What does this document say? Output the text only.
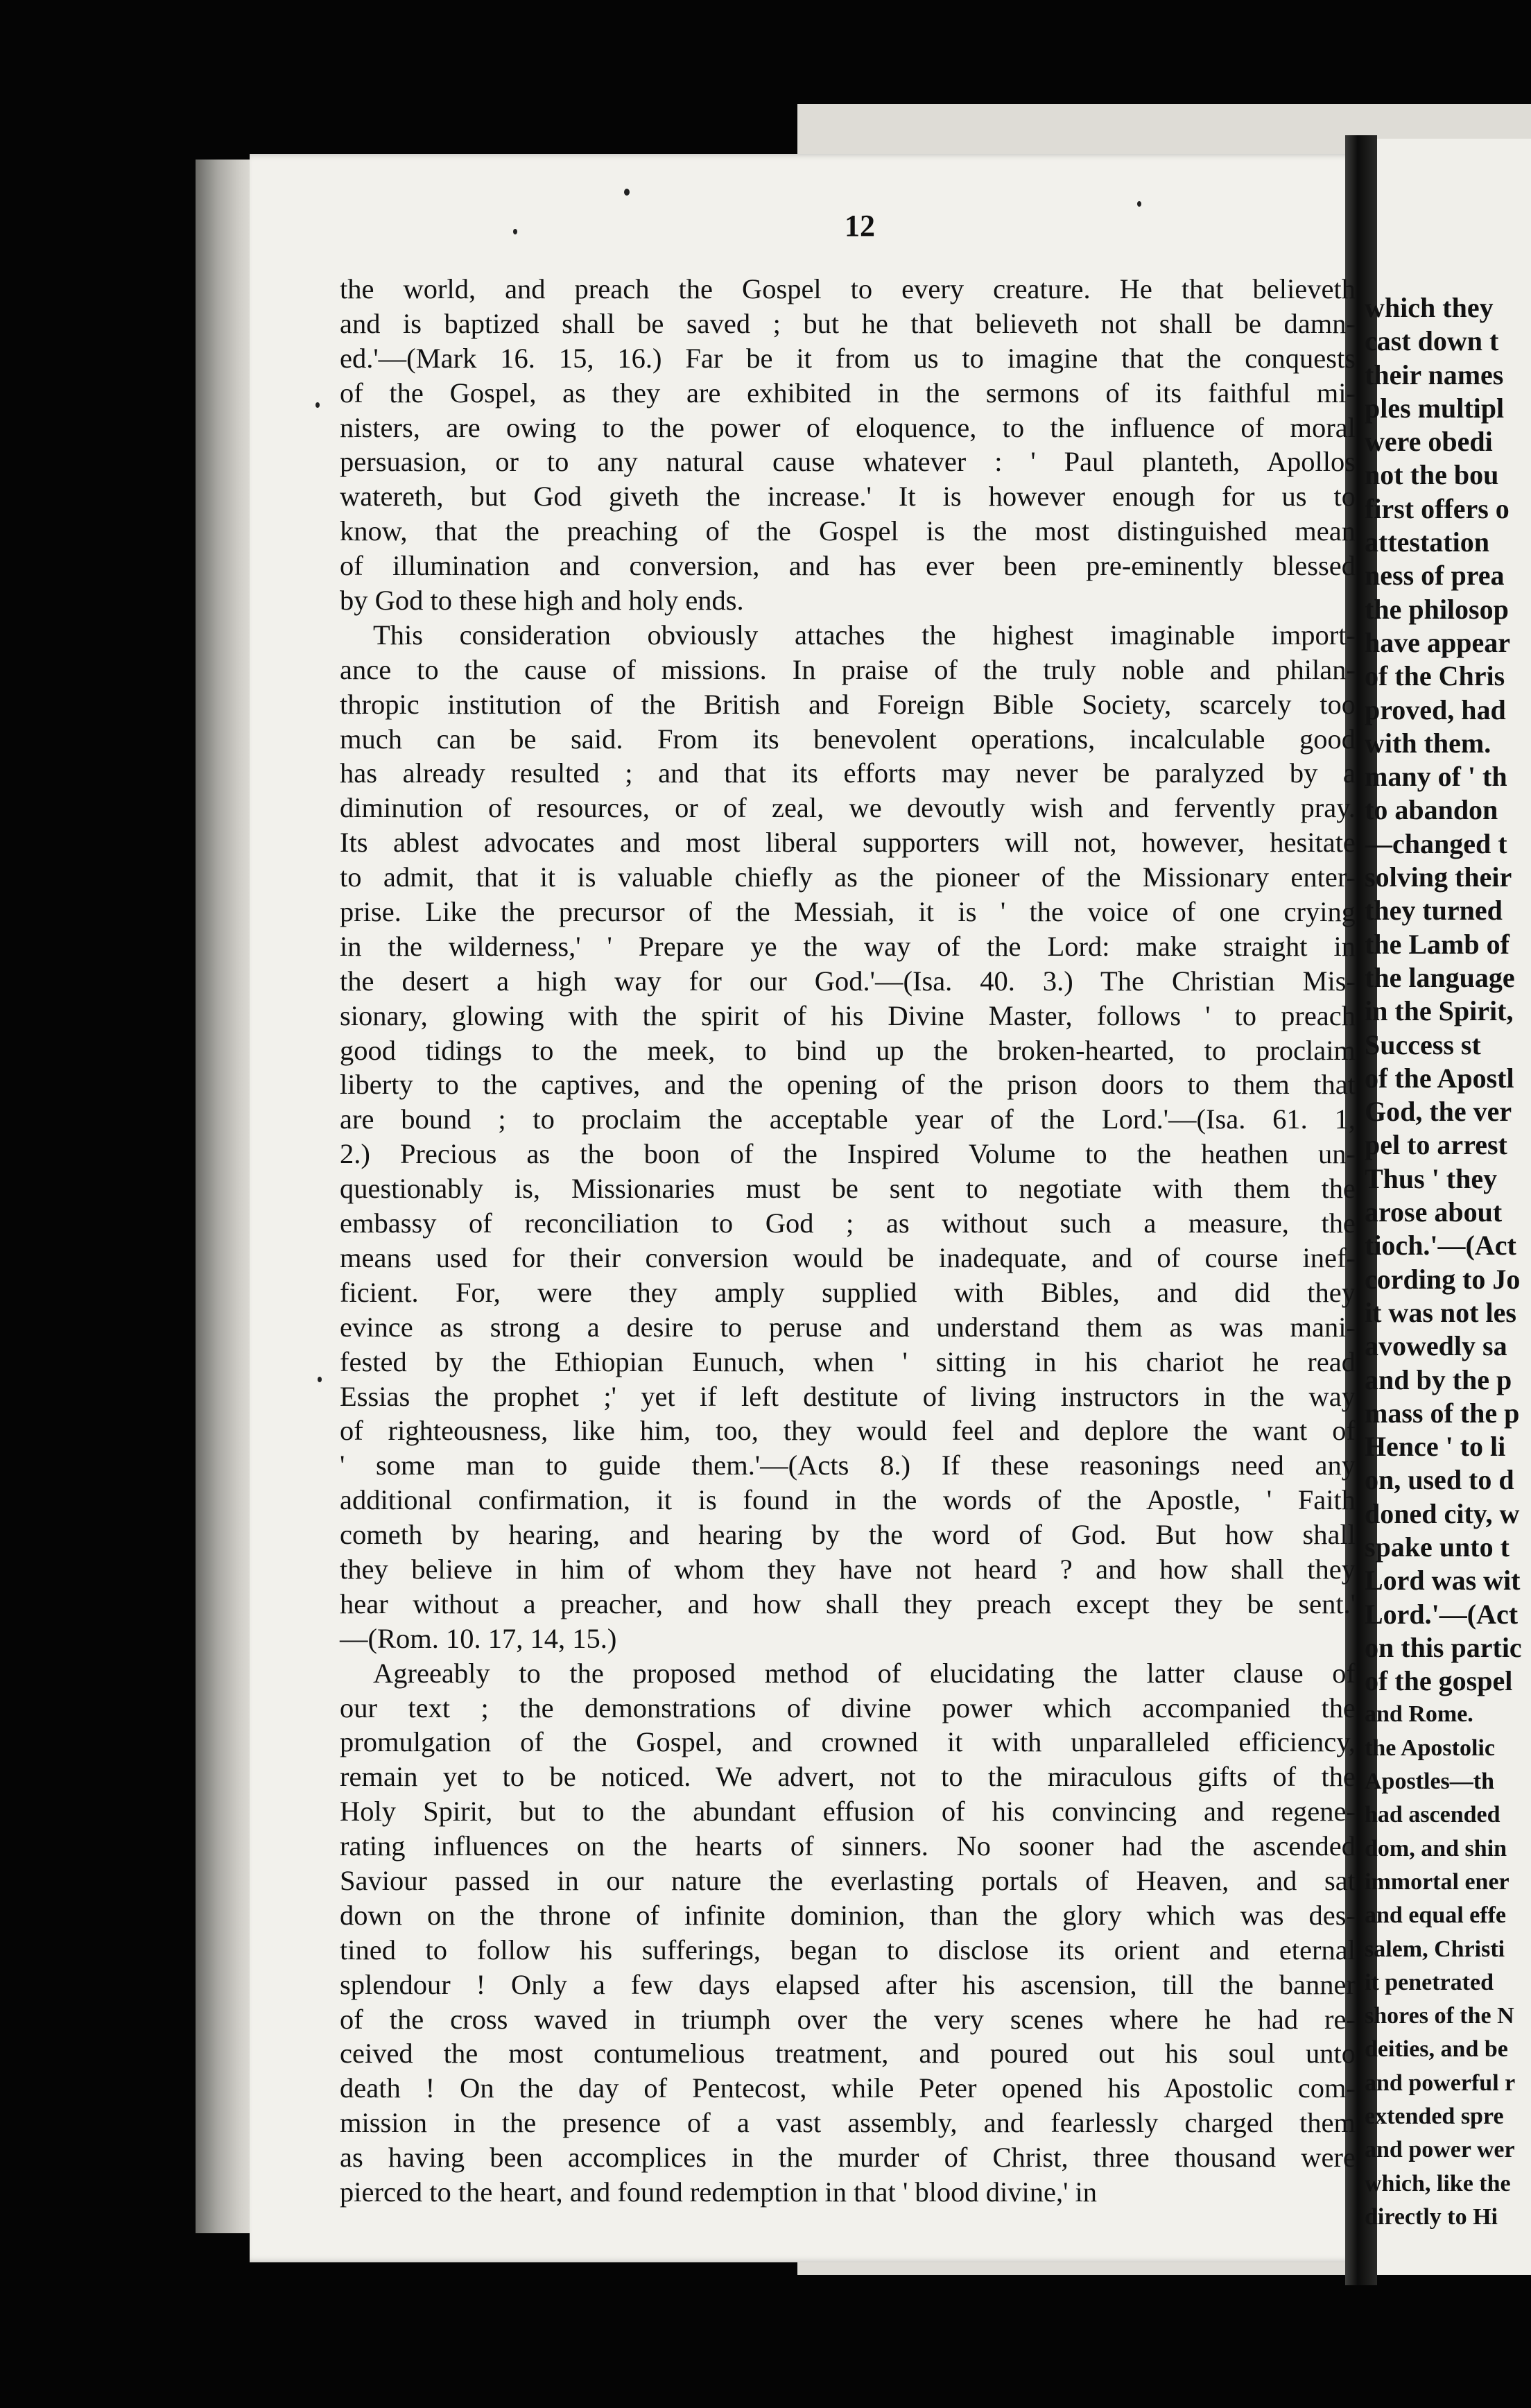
12
the world, and preach the Gospel to every creature. He that believeth
and is baptized shall be saved ; but he that believeth not shall be damn-
ed.'—(Mark 16. 15, 16.) Far be it from us to imagine that the conquests
of the Gospel, as they are exhibited in the sermons of its faithful mi-
nisters, are owing to the power of eloquence, to the influence of moral
persuasion, or to any natural cause whatever : ' Paul planteth, Apollos
watereth, but God giveth the increase.' It is however enough for us to
know, that the preaching of the Gospel is the most distinguished mean
of illumination and conversion, and has ever been pre-eminently blessed
by God to these high and holy ends.
This consideration obviously attaches the highest imaginable import-
ance to the cause of missions. In praise of the truly noble and philan-
thropic institution of the British and Foreign Bible Society, scarcely too
much can be said. From its benevolent operations, incalculable good
has already resulted ; and that its efforts may never be paralyzed by a
diminution of resources, or of zeal, we devoutly wish and fervently pray.
Its ablest advocates and most liberal supporters will not, however, hesitate
to admit, that it is valuable chiefly as the pioneer of the Missionary enter-
prise. Like the precursor of the Messiah, it is ' the voice of one crying
in the wilderness,' ' Prepare ye the way of the Lord: make straight in
the desert a high way for our God.'—(Isa. 40. 3.) The Christian Mis-
sionary, glowing with the spirit of his Divine Master, follows ' to preach
good tidings to the meek, to bind up the broken-hearted, to proclaim
liberty to the captives, and the opening of the prison doors to them that
are bound ; to proclaim the acceptable year of the Lord.'—(Isa. 61. 1,
2.) Precious as the boon of the Inspired Volume to the heathen un-
questionably is, Missionaries must be sent to negotiate with them the
embassy of reconciliation to God ; as without such a measure, the
means used for their conversion would be inadequate, and of course inef-
ficient. For, were they amply supplied with Bibles, and did they
evince as strong a desire to peruse and understand them as was mani-
fested by the Ethiopian Eunuch, when ' sitting in his chariot he read
Essias the prophet ;' yet if left destitute of living instructors in the way
of righteousness, like him, too, they would feel and deplore the want of
' some man to guide them.'—(Acts 8.) If these reasonings need any
additional confirmation, it is found in the words of the Apostle, ' Faith
cometh by hearing, and hearing by the word of God. But how shall
they believe in him of whom they have not heard ? and how shall they
hear without a preacher, and how shall they preach except they be sent.'
—(Rom. 10. 17, 14, 15.)
Agreeably to the proposed method of elucidating the latter clause of
our text ; the demonstrations of divine power which accompanied the
promulgation of the Gospel, and crowned it with unparalleled efficiency,
remain yet to be noticed. We advert, not to the miraculous gifts of the
Holy Spirit, but to the abundant effusion of his convincing and regene-
rating influences on the hearts of sinners. No sooner had the ascended
Saviour passed in our nature the everlasting portals of Heaven, and sat
down on the throne of infinite dominion, than the glory which was des-
tined to follow his sufferings, began to disclose its orient and eternal
splendour ! Only a few days elapsed after his ascension, till the banner
of the cross waved in triumph over the very scenes where he had re-
ceived the most contumelious treatment, and poured out his soul unto
death ! On the day of Pentecost, while Peter opened his Apostolic com-
mission in the presence of a vast assembly, and fearlessly charged them
as having been accomplices in the murder of Christ, three thousand were
pierced to the heart, and found redemption in that ' blood divine,' in
which they
cast down t
their names
ples multipl
were obedi
not the bou
first offers o
attestation
ness of prea
the philosop
have appear
of the Chris
proved, had
with them.
many of ' th
to abandon
—changed t
solving their
they turned
the Lamb of
the language
in the Spirit,
Success st
of the Apostl
God, the ver
pel to arrest
Thus ' they
arose about
tioch.'—(Act
cording to Jo
it was not les
avowedly sa
and by the p
mass of the p
Hence ' to li
on, used to d
doned city, w
spake unto t
Lord was wit
Lord.'—(Act
on this partic
of the gospel
and Rome.
the Apostolic
Apostles—th
had ascended
dom, and shin
immortal ener
and equal effe
salem, Christi
it penetrated
shores of the N
deities, and be
and powerful r
extended spre
and power wer
which, like the
directly to Hi
